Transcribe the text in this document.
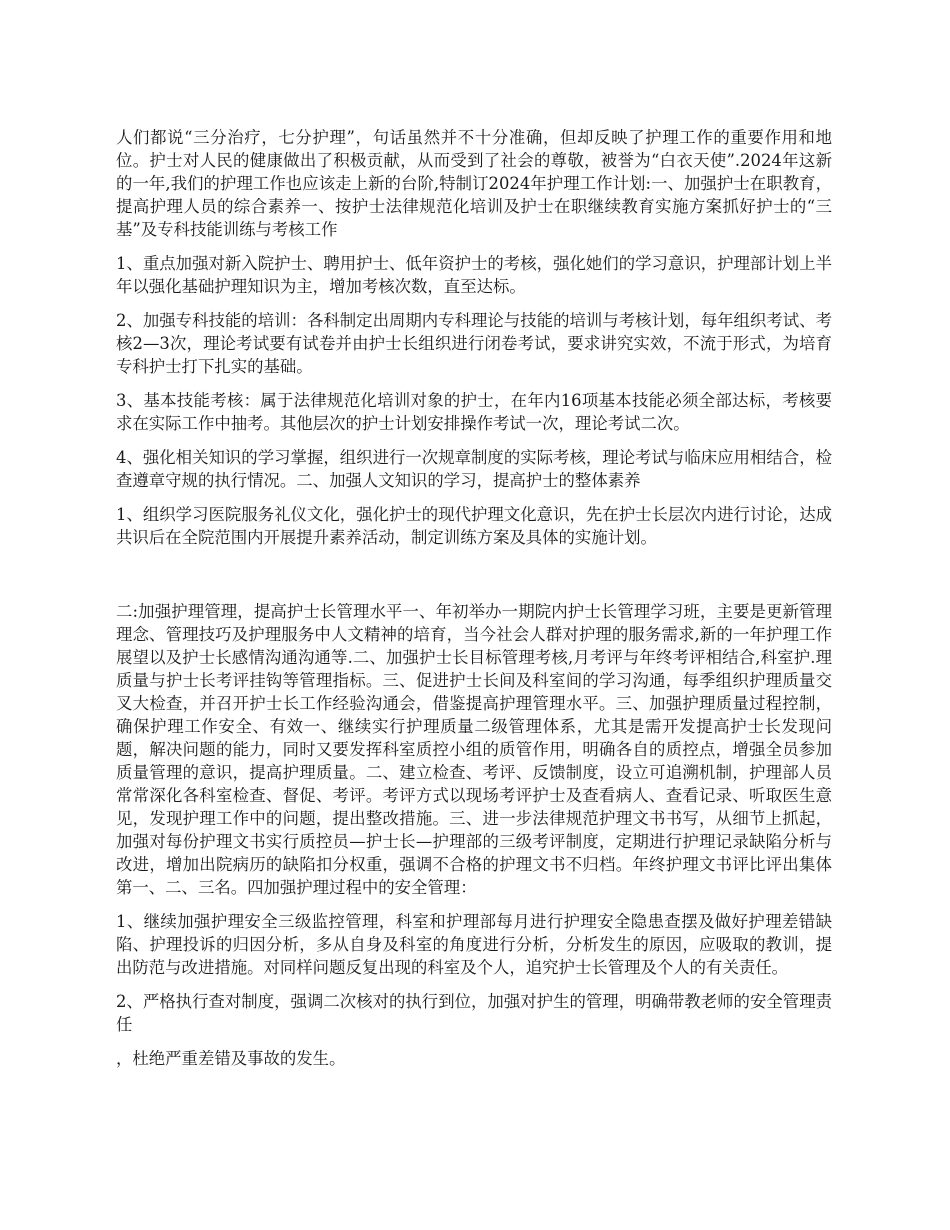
人们都说“三分治疗，七分护理”，句话虽然并不十分准确，但却反映了护理工作的重要作用和地位。护士对人民的健康做出了积极贡献，从而受到了社会的尊敬，被誉为“白衣天使”.2024年这新的一年,我们的护理工作也应该走上新的台阶,特制订2024年护理工作计划:一、加强护士在职教育，提高护理人员的综合素养一、按护士法律规范化培训及护士在职继续教育实施方案抓好护士的“三基”及专科技能训练与考核工作

1、重点加强对新入院护士、聘用护士、低年资护士的考核，强化她们的学习意识，护理部计划上半年以强化基础护理知识为主，增加考核次数，直至达标。

2、加强专科技能的培训：各科制定出周期内专科理论与技能的培训与考核计划，每年组织考试、考核2—3次，理论考试要有试卷并由护士长组织进行闭卷考试，要求讲究实效，不流于形式，为培育专科护士打下扎实的基础。

3、基本技能考核：属于法律规范化培训对象的护士，在年内16项基本技能必须全部达标，考核要求在实际工作中抽考。其他层次的护士计划安排操作考试一次，理论考试二次。

4、强化相关知识的学习掌握，组织进行一次规章制度的实际考核，理论考试与临床应用相结合，检查遵章守规的执行情况。二、加强人文知识的学习，提高护士的整体素养

1、组织学习医院服务礼仪文化，强化护士的现代护理文化意识，先在护士长层次内进行讨论，达成共识后在全院范围内开展提升素养活动，制定训练方案及具体的实施计划。

二:加强护理管理，提高护士长管理水平一、年初举办一期院内护士长管理学习班，主要是更新管理理念、管理技巧及护理服务中人文精神的培育，当今社会人群对护理的服务需求,新的一年护理工作展望以及护士长感情沟通沟通等.二、加强护士长目标管理考核,月考评与年终考评相结合,科室护.理质量与护士长考评挂钩等管理指标。三、促进护士长间及科室间的学习沟通，每季组织护理质量交叉大检查，并召开护士长工作经验沟通会，借鉴提高护理管理水平。三、加强护理质量过程控制，确保护理工作安全、有效一、继续实行护理质量二级管理体系，尤其是需开发提高护士长发现问题，解决问题的能力，同时又要发挥科室质控小组的质管作用，明确各自的质控点，增强全员参加质量管理的意识，提高护理质量。二、建立检查、考评、反馈制度，设立可追溯机制，护理部人员常常深化各科室检查、督促、考评。考评方式以现场考评护士及查看病人、查看记录、听取医生意见，发现护理工作中的问题，提出整改措施。三、进一步法律规范护理文书书写，从细节上抓起，加强对每份护理文书实行质控员—护士长—护理部的三级考评制度，定期进行护理记录缺陷分析与改进，增加出院病历的缺陷扣分权重，强调不合格的护理文书不归档。年终护理文书评比评出集体第一、二、三名。四加强护理过程中的安全管理：

1、继续加强护理安全三级监控管理，科室和护理部每月进行护理安全隐患查摆及做好护理差错缺陷、护理投诉的归因分析，多从自身及科室的角度进行分析，分析发生的原因，应吸取的教训，提出防范与改进措施。对同样问题反复出现的科室及个人，追究护士长管理及个人的有关责任。

2、严格执行查对制度，强调二次核对的执行到位，加强对护生的管理，明确带教老师的安全管理责任

，杜绝严重差错及事故的发生。
